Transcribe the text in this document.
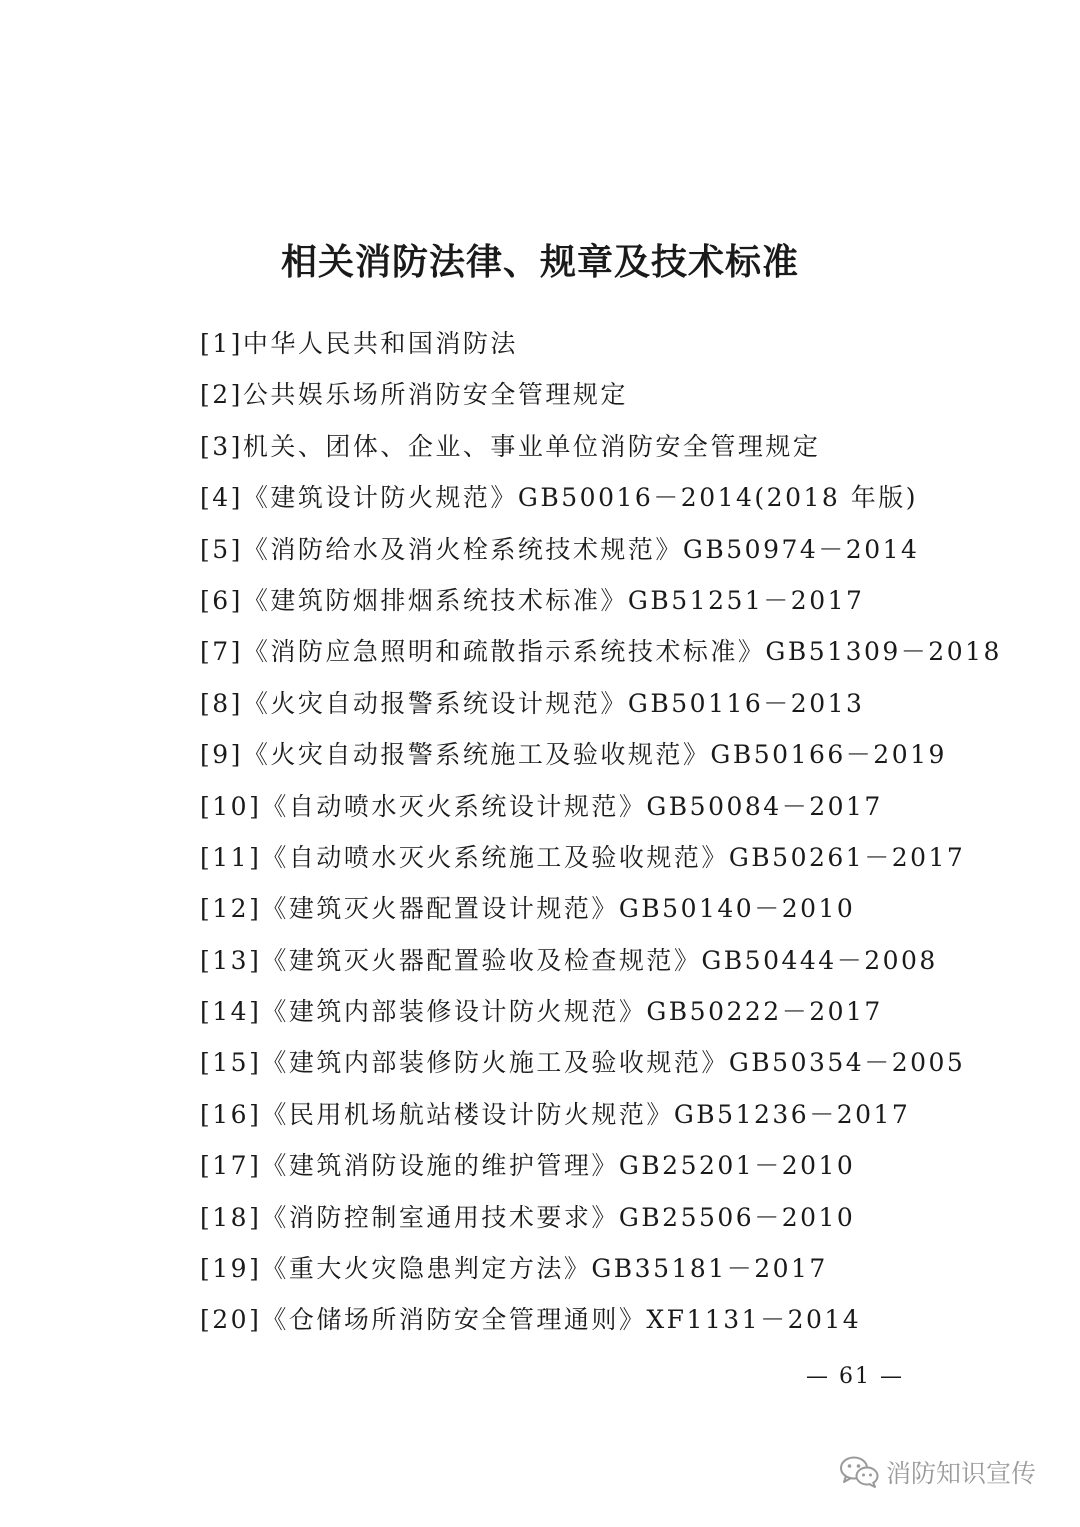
相关消防法律、规章及技术标准
[1]中华人民共和国消防法
[2]公共娱乐场所消防安全管理规定
[3]机关、团体、企业、事业单位消防安全管理规定
[4]《建筑设计防火规范》GB50016－2014(2018 年版)
[5]《消防给水及消火栓系统技术规范》GB50974－2014
[6]《建筑防烟排烟系统技术标准》GB51251－2017
[7]《消防应急照明和疏散指示系统技术标准》GB51309－2018
[8]《火灾自动报警系统设计规范》GB50116－2013
[9]《火灾自动报警系统施工及验收规范》GB50166－2019
[10]《自动喷水灭火系统设计规范》GB50084－2017
[11]《自动喷水灭火系统施工及验收规范》GB50261－2017
[12]《建筑灭火器配置设计规范》GB50140－2010
[13]《建筑灭火器配置验收及检查规范》GB50444－2008
[14]《建筑内部装修设计防火规范》GB50222－2017
[15]《建筑内部装修防火施工及验收规范》GB50354－2005
[16]《民用机场航站楼设计防火规范》GB51236－2017
[17]《建筑消防设施的维护管理》GB25201－2010
[18]《消防控制室通用技术要求》GB25506－2010
[19]《重大火灾隐患判定方法》GB35181－2017
[20]《仓储场所消防安全管理通则》XF1131－2014
— 61 —
消防知识宣传
